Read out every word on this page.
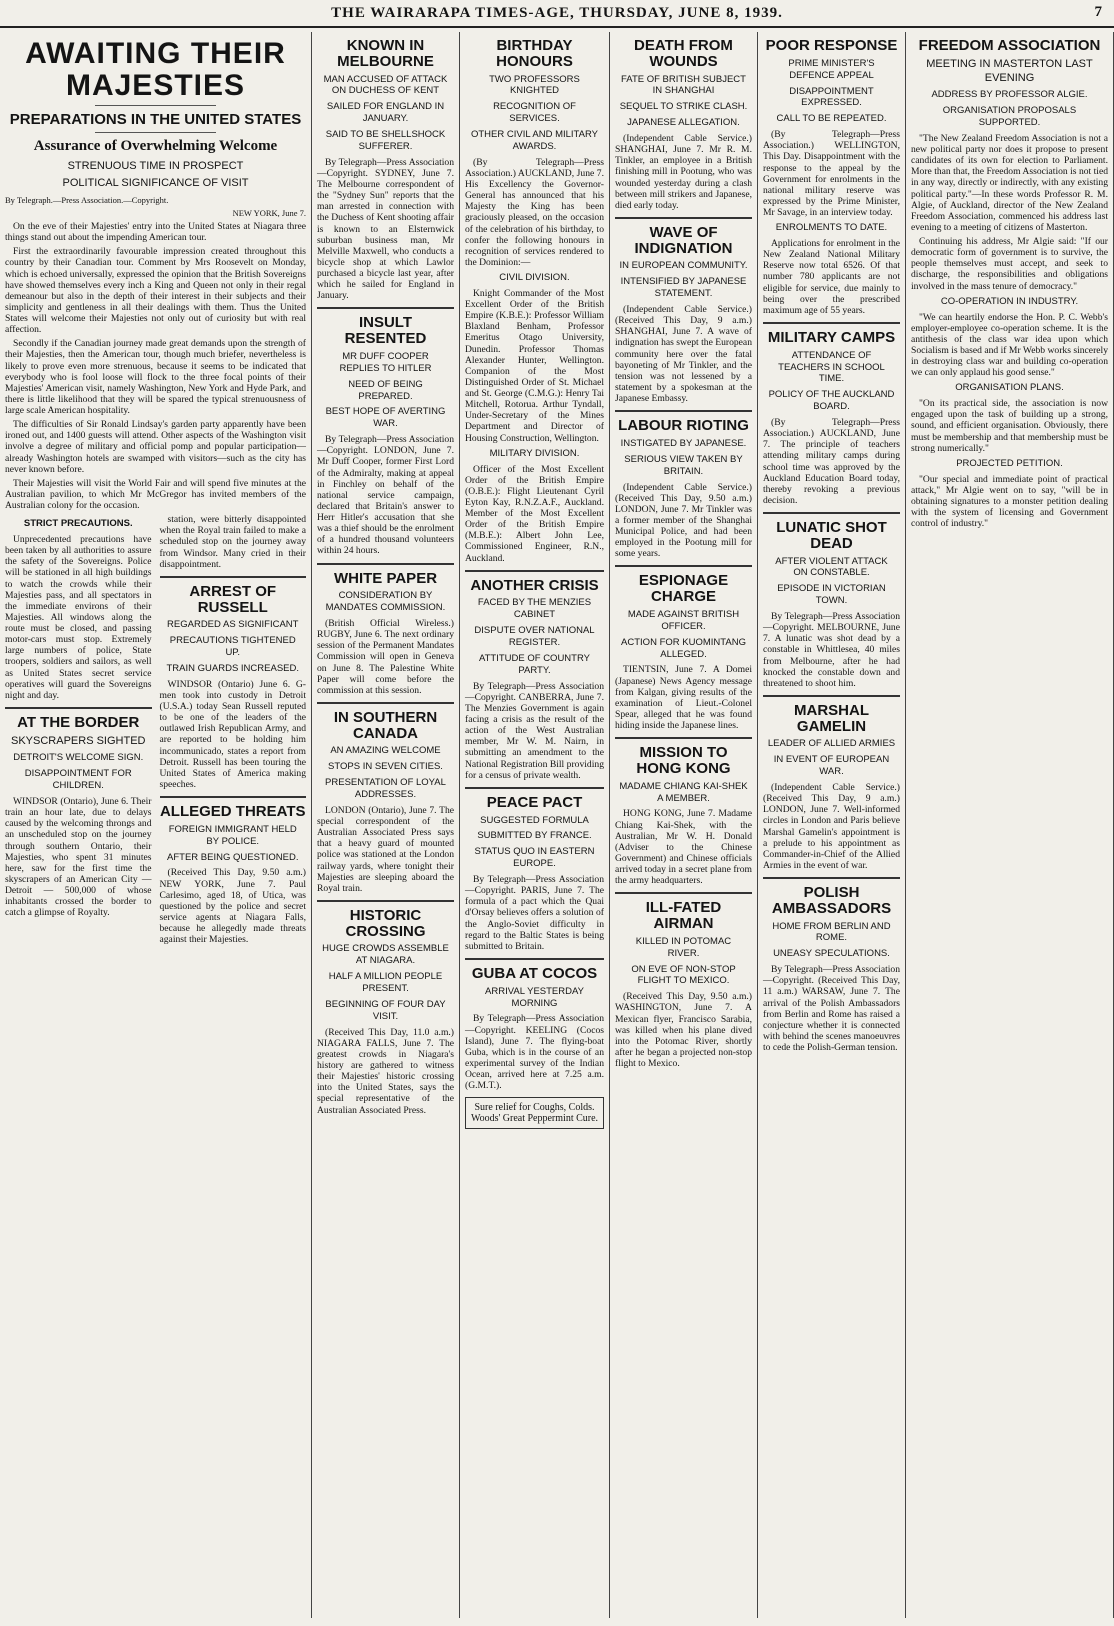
THE WAIRARAPA TIMES-AGE, THURSDAY, JUNE 8, 1939.	7
AWAITING THEIR MAJESTIES
PREPARATIONS IN THE UNITED STATES
Assurance of Overwhelming Welcome
STRENUOUS TIME IN PROSPECT
POLITICAL SIGNIFICANCE OF VISIT
By Telegraph.—Press Association.—Copyright.
NEW YORK, June 7.

On the eve of their Majesties' entry into the United States at Niagara three things stand out about the impending American tour.

First the extraordinarily favourable impression created throughout this country by their Canadian tour. Comment by Mrs Roosevelt on Monday, which is echoed universally, expressed the opinion that the British Sovereigns have showed themselves every inch a King and Queen not only in their regal demeanour but also in the depth of their interest in their subjects and their simplicity and gentleness in all their dealings with them. Thus the United States will welcome their Majesties not only out of curiosity but with real affection.

Secondly if the Canadian journey made great demands upon the strength of their Majesties, then the American tour, though much briefer, nevertheless is likely to prove even more strenuous, because it seems to be indicated that everybody who is fool loose will flock to the three focal points of their Majesties' American visit, namely Washington, New York and Hyde Park, and there is little likelihood that they will be spared the typical strenuousness of large scale American hospitality.

The difficulties of Sir Ronald Lindsay's garden party apparently have been ironed out, and 1400 guests will attend. Other aspects of the Washington visit involve a degree of military and official pomp and popular participation—already Washington hotels are swamped with visitors—such as the city has never known before.

Their Majesties will visit the World Fair and will spend five minutes at the Australian pavilion, to which Mr McGregor has invited members of the Australian colony for the occasion.

STRICT PRECAUTIONS.

Unprecedented precautions have been taken by all authorities to assure the safety of the Sovereigns. Police will be stationed in all high buildings to watch the crowds while their Majesties pass, and all spectators in the immediate environs of their Majesties. All windows along the route must be closed, and passing motor-cars must stop. Extremely large numbers of police, State troopers, soldiers and sailors, as well as United States secret service operatives will guard the Sovereigns night and day.

AT THE BORDER
SKYSCRAPERS SIGHTED
DETROIT'S WELCOME SIGN.
DISAPPOINTMENT FOR CHILDREN.

WINDSOR (Ontario), June 6. Their train an hour late, due to delays caused by the welcoming throngs and an unscheduled stop on the journey through southern Ontario, their Majesties, who spent 31 minutes here, saw for the first time the skyscrapers of an American City — Detroit — 500,000 of whose inhabitants crossed the border to catch a glimpse of Royalty.

station, were bitterly disappointed when the Royal train failed to make a scheduled stop on the journey away from Windsor. Many cried in their disappointment.

ARREST OF RUSSELL
REGARDED AS SIGNIFICANT
PRECAUTIONS TIGHTENED UP.
TRAIN GUARDS INCREASED.

WINDSOR (Ontario) June 6. G-men took into custody in Detroit (U.S.A.) today Sean Russell reputed to be one of the leaders of the outlawed Irish Republican Army, and are reported to be holding him incommunicado, states a report from Detroit. Russell has been touring the United States of America making speeches.

ALLEGED THREATS
FOREIGN IMMIGRANT HELD BY POLICE.
AFTER BEING QUESTIONED.

(Received This Day, 9.50 a.m.) NEW YORK, June 7. Paul Carlesimo, aged 18, of Utica, was questioned by the police and secret service agents at Niagara Falls, because he allegedly made threats against their Majesties.

KNOWN IN MELBOURNE
MAN ACCUSED OF ATTACK ON DUCHESS OF KENT
SAILED FOR ENGLAND IN JANUARY.
SAID TO BE SHELLSHOCK SUFFERER.

By Telegraph—Press Association—Copyright. SYDNEY, June 7. The Melbourne correspondent of the "Sydney Sun" reports that the man arrested in connection with the Duchess of Kent shooting affair is known to an Elsternwick suburban business man, Mr Melville Maxwell, who conducts a bicycle shop at which Lawlor purchased a bicycle last year, after which he sailed for England in January.

INSULT RESENTED
MR DUFF COOPER REPLIES TO HITLER
NEED OF BEING PREPARED.
BEST HOPE OF AVERTING WAR.

By Telegraph—Press Association—Copyright. LONDON, June 7. Mr Duff Cooper, former First Lord of the Admiralty, making at appeal in Finchley on behalf of the national service campaign, declared that Britain's answer to Herr Hitler's accusation that she was a thief should be the enrolment of a hundred thousand volunteers within 24 hours.

WHITE PAPER
CONSIDERATION BY MANDATES COMMISSION.

(British Official Wireless.) RUGBY, June 6. The next ordinary session of the Permanent Mandates Commission will open in Geneva on June 8. The Palestine White Paper will come before the commission at this session.

IN SOUTHERN CANADA
AN AMAZING WELCOME
STOPS IN SEVEN CITIES.
PRESENTATION OF LOYAL ADDRESSES.

LONDON (Ontario), June 7. The special correspondent of the Australian Associated Press says that a heavy guard of mounted police was stationed at the London railway yards, where tonight their Majesties are sleeping aboard the Royal train.

HISTORIC CROSSING
HUGE CROWDS ASSEMBLE AT NIAGARA.
HALF A MILLION PEOPLE PRESENT.
BEGINNING OF FOUR DAY VISIT.

(Received This Day, 11.0 a.m.) NIAGARA FALLS, June 7. The greatest crowds in Niagara's history are gathered to witness their Majesties' historic crossing into the United States, says the special representative of the Australian Associated Press.

BIRTHDAY HONOURS
TWO PROFESSORS KNIGHTED
RECOGNITION OF SERVICES.
OTHER CIVIL AND MILITARY AWARDS.

(By Telegraph—Press Association.) AUCKLAND, June 7. His Excellency the Governor-General has announced that his Majesty the King has been graciously pleased, on the occasion of the celebration of his birthday, to confer the following honours in recognition of services rendered to the Dominion:—

CIVIL DIVISION.

Knight Commander of the Most Excellent Order of the British Empire (K.B.E.): Professor William Blaxland Benham, Professor Emeritus Otago University, Dunedin. Professor Thomas Alexander Hunter, Wellington. Companion of the Most Distinguished Order of St. Michael and St. George (C.M.G.): Henry Tai Mitchell, Rotorua. Arthur Tyndall, Under-Secretary of the Mines Department and Director of Housing Construction, Wellington.

MILITARY DIVISION.

Officer of the Most Excellent Order of the British Empire (O.B.E.): Flight Lieutenant Cyril Eyton Kay, R.N.Z.A.F., Auckland. Member of the Most Excellent Order of the British Empire (M.B.E.): Albert John Lee, Commissioned Engineer, R.N., Auckland.

ANOTHER CRISIS
FACED BY THE MENZIES CABINET
DISPUTE OVER NATIONAL REGISTER.
ATTITUDE OF COUNTRY PARTY.

By Telegraph—Press Association—Copyright. CANBERRA, June 7. The Menzies Government is again facing a crisis as the result of the action of the West Australian member, Mr W. M. Nairn, in submitting an amendment to the National Registration Bill providing for a census of private wealth.

PEACE PACT
SUGGESTED FORMULA
SUBMITTED BY FRANCE.
STATUS QUO IN EASTERN EUROPE.

By Telegraph—Press Association—Copyright. PARIS, June 7. The formula of a pact which the Quai d'Orsay believes offers a solution of the Anglo-Soviet difficulty in regard to the Baltic States is being submitted to Britain.

GUBA AT COCOS
ARRIVAL YESTERDAY MORNING

By Telegraph—Press Association—Copyright. KEELING (Cocos Island), June 7. The flying-boat Guba, which is in the course of an experimental survey of the Indian Ocean, arrived here at 7.25 a.m. (G.M.T.).

Sure relief for Coughs, Colds. Woods' Great Peppermint Cure.
DEATH FROM WOUNDS
FATE OF BRITISH SUBJECT IN SHANGHAI
SEQUEL TO STRIKE CLASH.
JAPANESE ALLEGATION.

(Independent Cable Service.) SHANGHAI, June 7. Mr R. M. Tinkler, an employee in a British finishing mill in Pootung, who was wounded yesterday during a clash between mill strikers and Japanese, died early today.

WAVE OF INDIGNATION
IN EUROPEAN COMMUNITY.
INTENSIFIED BY JAPANESE STATEMENT.

(Independent Cable Service.) (Received This Day, 9 a.m.) SHANGHAI, June 7. A wave of indignation has swept the European community here over the fatal bayoneting of Mr Tinkler, and the tension was not lessened by a statement by a spokesman at the Japanese Embassy.

LABOUR RIOTING
INSTIGATED BY JAPANESE.
SERIOUS VIEW TAKEN BY BRITAIN.

(Independent Cable Service.) (Received This Day, 9.50 a.m.) LONDON, June 7. Mr Tinkler was a former member of the Shanghai Municipal Police, and had been employed in the Pootung mill for some years.

ESPIONAGE CHARGE
MADE AGAINST BRITISH OFFICER.
ACTION FOR KUOMINTANG ALLEGED.

TIENTSIN, June 7. A Domei (Japanese) News Agency message from Kalgan, giving results of the examination of Lieut.-Colonel Spear, alleged that he was found hiding inside the Japanese lines.

MISSION TO HONG KONG
MADAME CHIANG KAI-SHEK A MEMBER.

HONG KONG, June 7. Madame Chiang Kai-Shek, with the Australian, Mr W. H. Donald (Adviser to the Chinese Government) and Chinese officials arrived today in a secret plane from the army headquarters.

ILL-FATED AIRMAN
KILLED IN POTOMAC RIVER.
ON EVE OF NON-STOP FLIGHT TO MEXICO.

(Received This Day, 9.50 a.m.) WASHINGTON, June 7. A Mexican flyer, Francisco Sarabia, was killed when his plane dived into the Potomac River, shortly after he began a projected non-stop flight to Mexico.

POOR RESPONSE
PRIME MINISTER'S DEFENCE APPEAL
DISAPPOINTMENT EXPRESSED.
CALL TO BE REPEATED.

(By Telegraph—Press Association.) WELLINGTON, This Day. Disappointment with the response to the appeal by the Government for enrolments in the national military reserve was expressed by the Prime Minister, Mr Savage, in an interview today.

ENROLMENTS TO DATE.

Applications for enrolment in the New Zealand National Military Reserve now total 6526. Of that number 780 applicants are not eligible for service, due mainly to being over the prescribed maximum age of 55 years.

MILITARY CAMPS
ATTENDANCE OF TEACHERS IN SCHOOL TIME.
POLICY OF THE AUCKLAND BOARD.

(By Telegraph—Press Association.) AUCKLAND, June 7. The principle of teachers attending military camps during school time was approved by the Auckland Education Board today, thereby revoking a previous decision.

LUNATIC SHOT DEAD
AFTER VIOLENT ATTACK ON CONSTABLE.
EPISODE IN VICTORIAN TOWN.

By Telegraph—Press Association—Copyright. MELBOURNE, June 7. A lunatic was shot dead by a constable in Whittlesea, 40 miles from Melbourne, after he had knocked the constable down and threatened to shoot him.

MARSHAL GAMELIN
LEADER OF ALLIED ARMIES
IN EVENT OF EUROPEAN WAR.

(Independent Cable Service.) (Received This Day, 9 a.m.) LONDON, June 7. Well-informed circles in London and Paris believe Marshal Gamelin's appointment is a prelude to his appointment as Commander-in-Chief of the Allied Armies in the event of war.

POLISH AMBASSADORS
HOME FROM BERLIN AND ROME.
UNEASY SPECULATIONS.

By Telegraph—Press Association—Copyright. (Received This Day, 11 a.m.) WARSAW, June 7. The arrival of the Polish Ambassadors from Berlin and Rome has raised a conjecture whether it is connected with behind the scenes manoeuvres to cede the Polish-German tension.

FREEDOM ASSOCIATION
MEETING IN MASTERTON LAST EVENING
ADDRESS BY PROFESSOR ALGIE.
ORGANISATION PROPOSALS SUPPORTED.

"The New Zealand Freedom Association is not a new political party nor does it propose to present candidates of its own for election to Parliament. More than that, the Freedom Association is not tied in any way, directly or indirectly, with any existing political party."—In these words Professor R. M. Algie, of Auckland, director of the New Zealand Freedom Association, commenced his address last evening to a meeting of citizens of Masterton.

Continuing his address, Mr Algie said: "If our democratic form of government is to survive, the people themselves must accept, and seek to discharge, the responsibilities and obligations involved in the mass tenure of democracy."

CO-OPERATION IN INDUSTRY.

"We can heartily endorse the Hon. P. C. Webb's employer-employee co-operation scheme. It is the antithesis of the class war idea upon which Socialism is based and if Mr Webb works sincerely in destroying class war and building co-operation we can only applaud his good sense."

ORGANISATION PLANS.

"On its practical side, the association is now engaged upon the task of building up a strong, sound, and efficient organisation. Obviously, there must be membership and that membership must be strong numerically."

PROJECTED PETITION.

"Our special and immediate point of practical attack," Mr Algie went on to say, "will be in obtaining signatures to a monster petition dealing with the system of licensing and Government control of industry."
